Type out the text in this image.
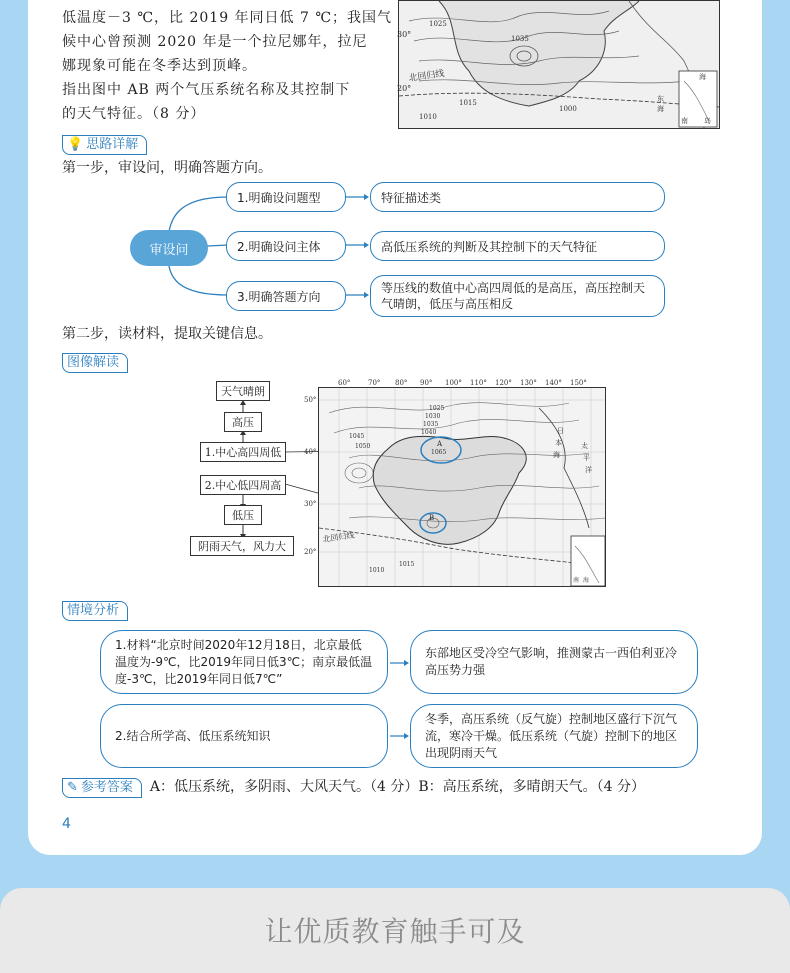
低温度－3 ℃，比 2019 年同日低 7 ℃；我国气
候中心曾预测 2020 年是一个拉尼娜年，拉尼
娜现象可能在冬季达到顶峰。
指出图中 AB 两个气压系统名称及其控制下
的天气特征。（8 分）
30°
20°
北回归线
1015
1010
1025
1035
1000
海
南
东
海
岛
💡 思路详解
第一步，审设问，明确答题方向。
审设问
1.明确设问题型
2.明确设问主体
3.明确答题方向
特征描述类
高低压系统的判断及其控制下的天气特征
等压线的数值中心高四周低的是高压，高压控制天气晴朗，低压与高压相反
第二步，读材料，提取关键信息。
图像解读
天气晴朗
高压
1.中心高四周低
2.中心低四周高
低压
阴雨天气，风力大
60°	70° 80° 90° 100° 110° 120° 130° 140° 150°
50°
40°
30°
20°
1025
1030
1035
1040
1045
1050
1065
1015
1010
北回归线
太
平
洋
日
本
海
南 海
A
B
情境分析
1.材料“北京时间2020年12月18日，北京最低温度为-9℃，比2019年同日低3℃；南京最低温度-3℃，比2019年同日低7℃”
东部地区受冷空气影响，推测蒙古一西伯利亚冷高压势力强
2.结合所学高、低压系统知识
冬季，高压系统（反气旋）控制地区盛行下沉气流，寒冷干燥。低压系统（气旋）控制下的地区出现阴雨天气
✎ 参考答案 A：低压系统，多阴雨、大风天气。（4 分）B：高压系统，多晴朗天气。（4 分）
4
让优质教育触手可及
